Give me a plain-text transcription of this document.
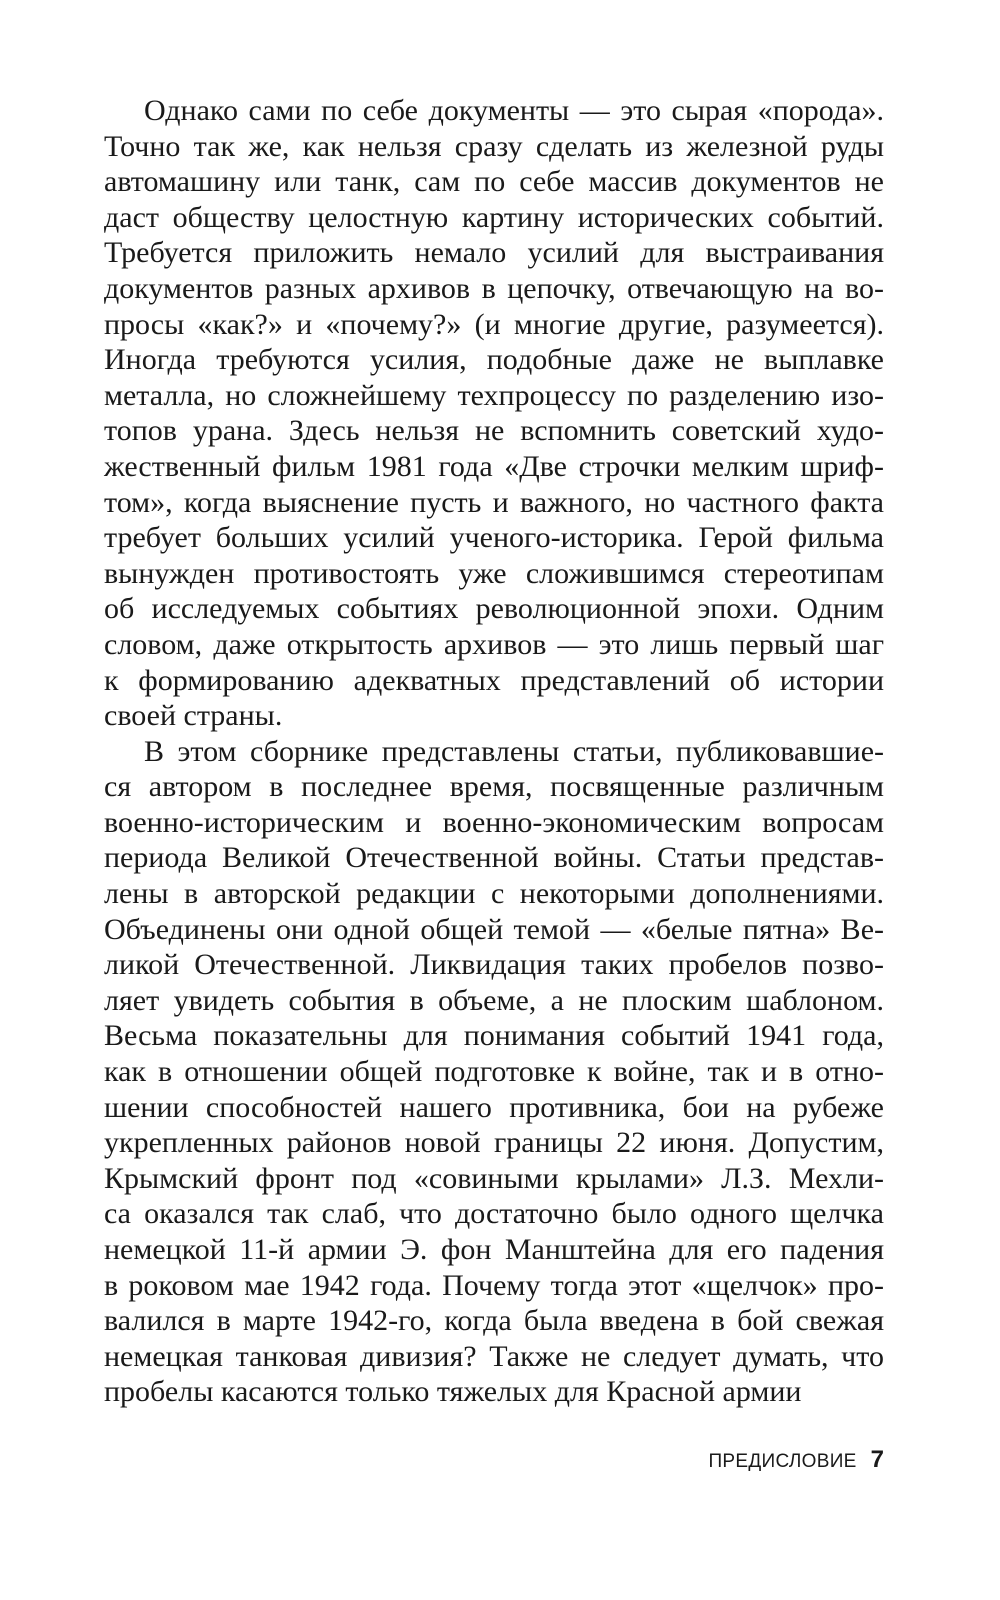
Однако сами по себе документы — это сырая «порода».
Точно так же, как нельзя сразу сделать из железной руды
автомашину или танк, сам по себе массив документов не
даст обществу целостную картину исторических событий.
Требуется приложить немало усилий для выстраивания
документов разных архивов в цепочку, отвечающую на во-
просы «как?» и «почему?» (и многие другие, разумеется).
Иногда требуются усилия, подобные даже не выплавке
металла, но сложнейшему техпроцессу по разделению изо-
топов урана. Здесь нельзя не вспомнить советский худо-
жественный фильм 1981 года «Две строчки мелким шриф-
том», когда выяснение пусть и важного, но частного факта
требует больших усилий ученого-историка. Герой фильма
вынужден противостоять уже сложившимся стереотипам
об исследуемых событиях революционной эпохи. Одним
словом, даже открытость архивов — это лишь первый шаг
к формированию адекватных представлений об истории
своей страны.
В этом сборнике представлены статьи, публиковавшие-
ся автором в последнее время, посвященные различным
военно-историческим и военно-экономическим вопросам
периода Великой Отечественной войны. Статьи представ-
лены в авторской редакции с некоторыми дополнениями.
Объединены они одной общей темой — «белые пятна» Ве-
ликой Отечественной. Ликвидация таких пробелов позво-
ляет увидеть события в объеме, а не плоским шаблоном.
Весьма показательны для понимания событий 1941 года,
как в отношении общей подготовке к войне, так и в отно-
шении способностей нашего противника, бои на рубеже
укрепленных районов новой границы 22 июня. Допустим,
Крымский фронт под «совиными крылами» Л.З. Мехли-
са оказался так слаб, что достаточно было одного щелчка
немецкой 11-й армии Э. фон Манштейна для его падения
в роковом мае 1942 года. Почему тогда этот «щелчок» про-
валился в марте 1942-го, когда была введена в бой свежая
немецкая танковая дивизия? Также не следует думать, что
пробелы касаются только тяжелых для Красной армии
ПРЕДИСЛОВИЕ 7
